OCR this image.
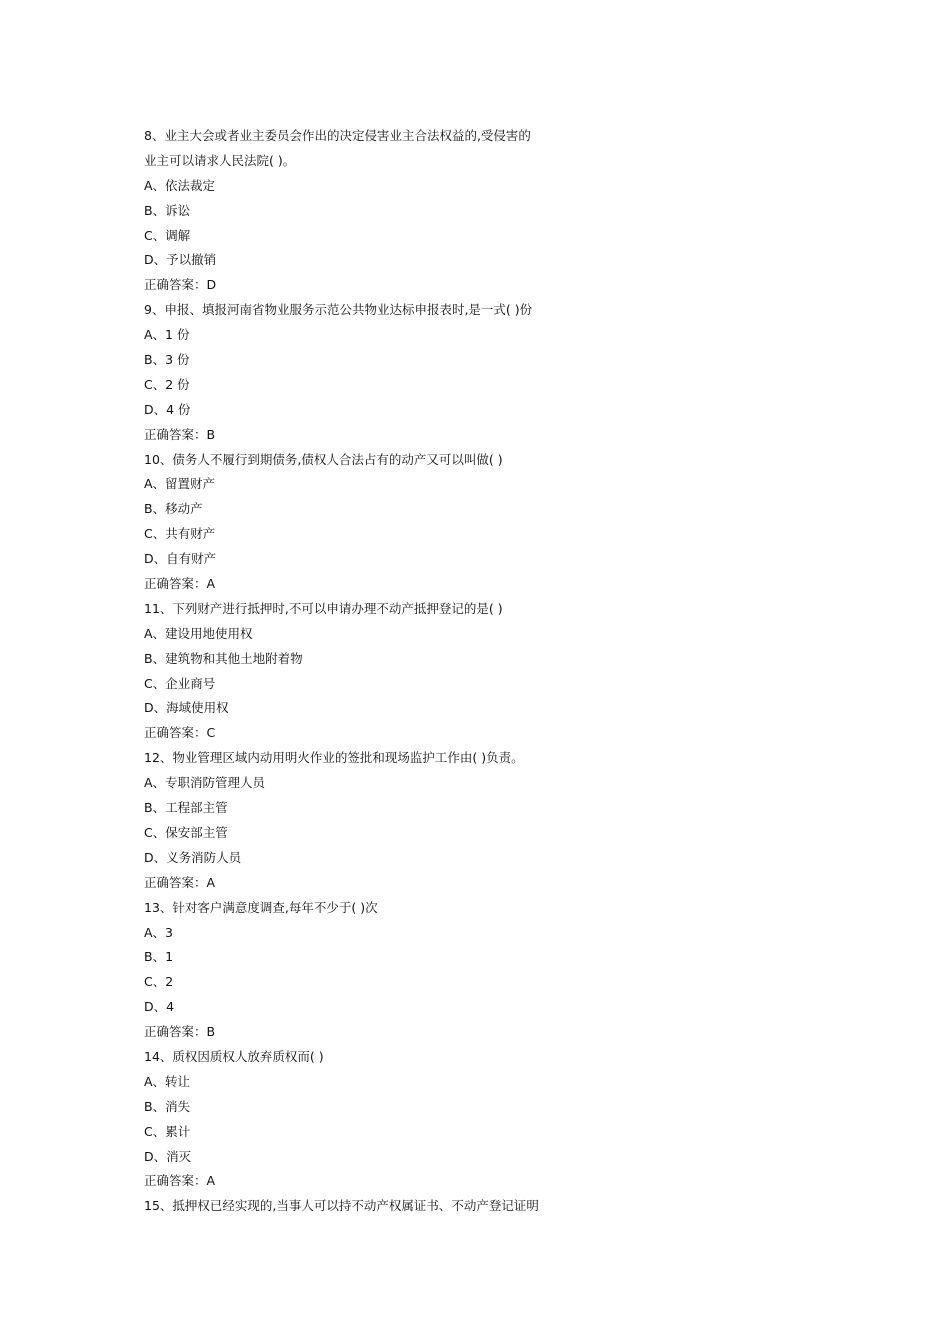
8、业主大会或者业主委员会作出的决定侵害业主合法权益的,受侵害的
业主可以请求人民法院( )。
A、依法裁定
B、诉讼
C、调解
D、予以撤销
正确答案：D
9、申报、填报河南省物业服务示范公共物业达标申报表时,是一式( )份
A、1 份
B、3 份
C、2 份
D、4 份
正确答案：B
10、债务人不履行到期债务,债权人合法占有的动产又可以叫做( )
A、留置财产
B、移动产
C、共有财产
D、自有财产
正确答案：A
11、下列财产进行抵押时,不可以申请办理不动产抵押登记的是( )
A、建设用地使用权
B、建筑物和其他土地附着物
C、企业商号
D、海域使用权
正确答案：C
12、物业管理区域内动用明火作业的签批和现场监护工作由( )负责。
A、专职消防管理人员
B、工程部主管
C、保安部主管
D、义务消防人员
正确答案：A
13、针对客户满意度调查,每年不少于( )次
A、3
B、1
C、2
D、4
正确答案：B
14、质权因质权人放弃质权而( )
A、转让
B、消失
C、累计
D、消灭
正确答案：A
15、抵押权已经实现的,当事人可以持不动产权属证书、不动产登记证明
